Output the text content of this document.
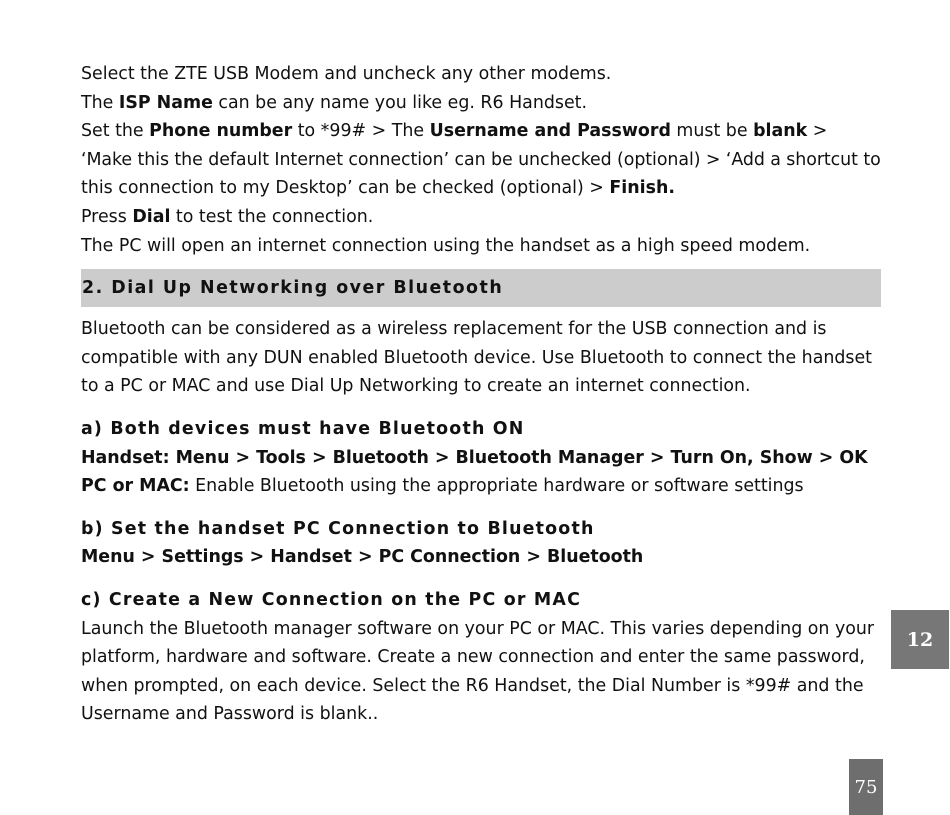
Select the ZTE USB Modem and uncheck any other modems.
The ISP Name can be any name you like eg. R6 Handset.
Set the Phone number to *99# > The Username and Password must be blank >
‘Make this the default Internet connection’ can be unchecked (optional) > ‘Add a shortcut to
this connection to my Desktop’ can be checked (optional) > Finish.
Press Dial to test the connection.
The PC will open an internet connection using the handset as a high speed modem.
2. Dial Up Networking over Bluetooth
Bluetooth can be considered as a wireless replacement for the USB connection and is
compatible with any DUN enabled Bluetooth device. Use Bluetooth to connect the handset
to a PC or MAC and use Dial Up Networking to create an internet connection.
a) Both devices must have Bluetooth ON
Handset: Menu > Tools > Bluetooth > Bluetooth Manager > Turn On, Show > OK
PC or MAC: Enable Bluetooth using the appropriate hardware or software settings
b) Set the handset PC Connection to Bluetooth
Menu > Settings > Handset > PC Connection > Bluetooth
c) Create a New Connection on the PC or MAC
Launch the Bluetooth manager software on your PC or MAC. This varies depending on your
platform, hardware and software. Create a new connection and enter the same password,
when prompted, on each device. Select the R6 Handset, the Dial Number is *99# and the
Username and Password is blank..
12
75
